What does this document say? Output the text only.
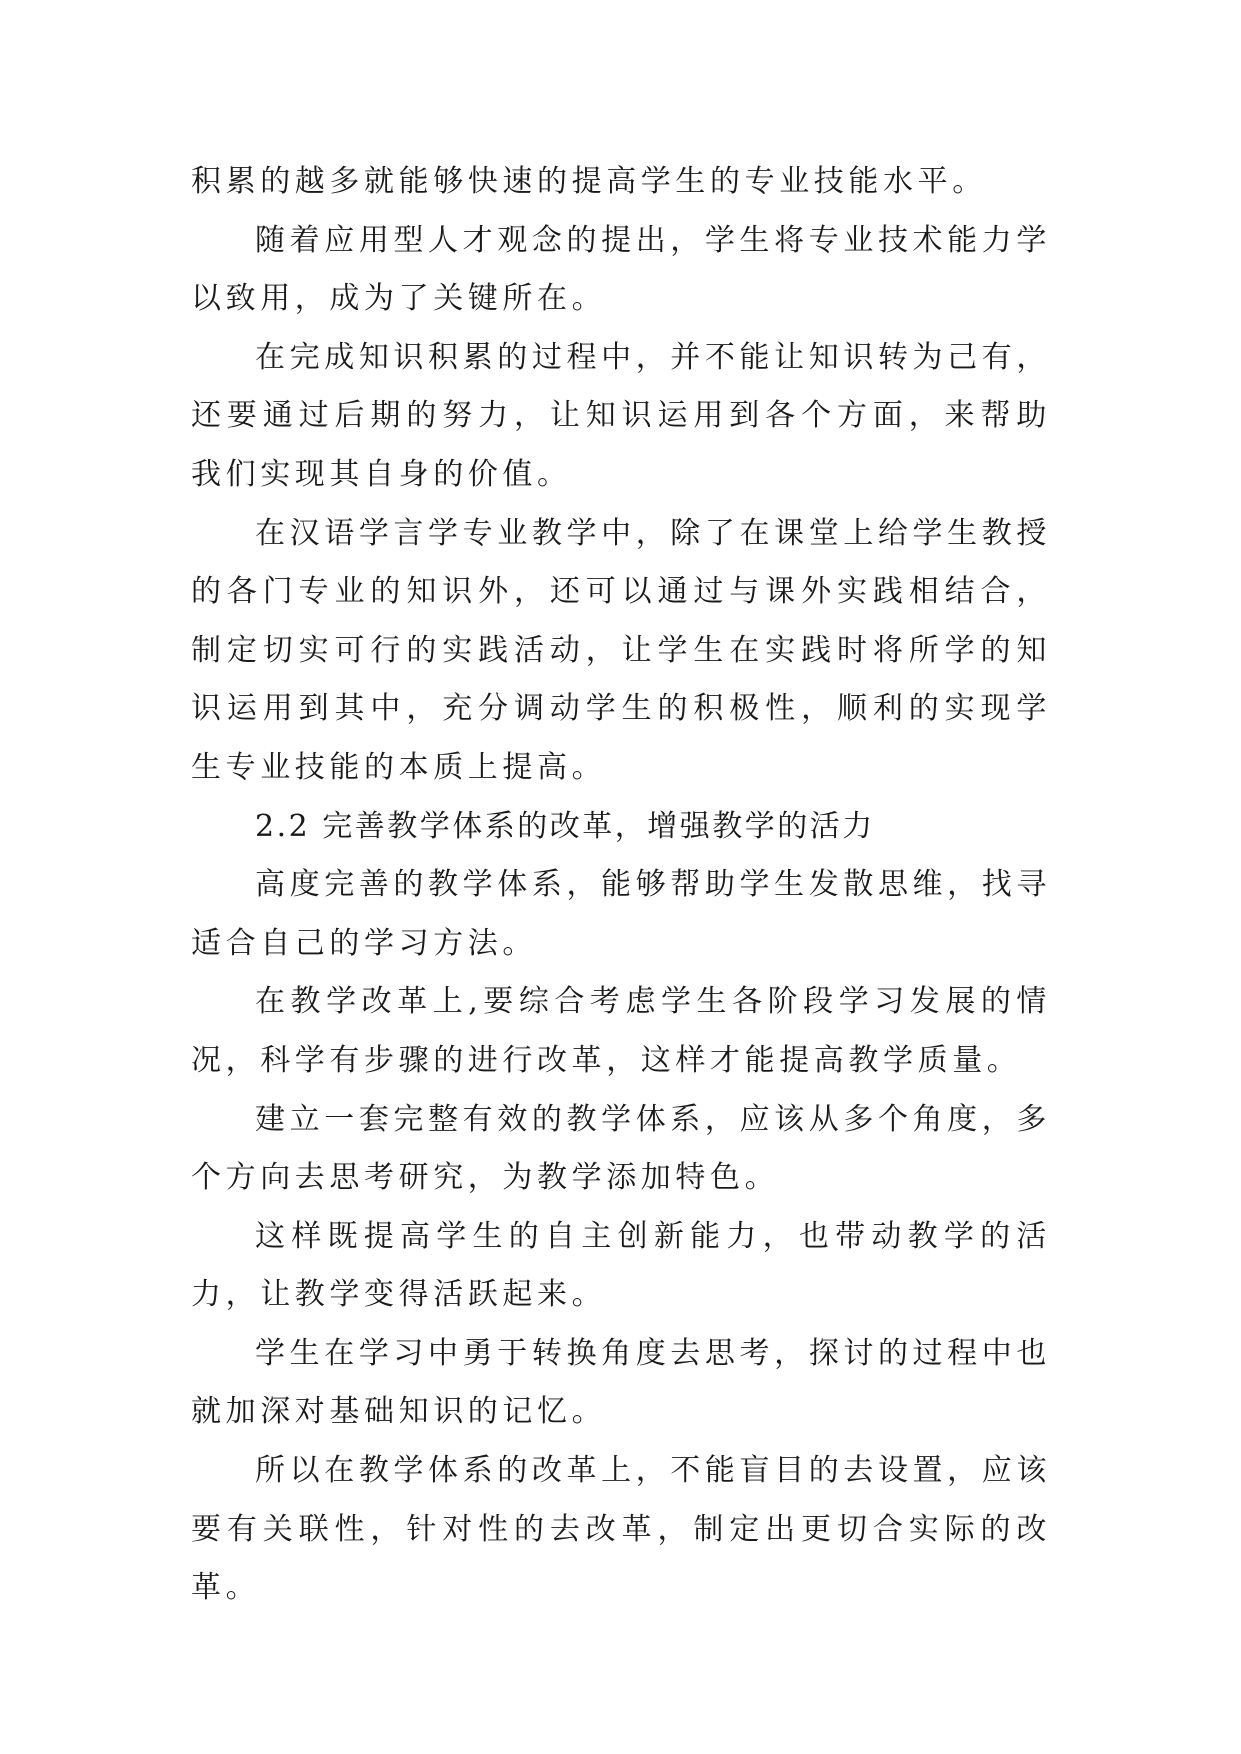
积累的越多就能够快速的提高学生的专业技能水平。

随着应用型人才观念的提出，学生将专业技术能力学以致用，成为了关键所在。

在完成知识积累的过程中，并不能让知识转为己有，还要通过后期的努力，让知识运用到各个方面，来帮助我们实现其自身的价值。

在汉语学言学专业教学中，除了在课堂上给学生教授的各门专业的知识外，还可以通过与课外实践相结合，制定切实可行的实践活动，让学生在实践时将所学的知识运用到其中，充分调动学生的积极性，顺利的实现学生专业技能的本质上提高。

2.2 完善教学体系的改革，增强教学的活力

高度完善的教学体系，能够帮助学生发散思维，找寻适合自己的学习方法。

在教学改革上,要综合考虑学生各阶段学习发展的情况，科学有步骤的进行改革，这样才能提高教学质量。

建立一套完整有效的教学体系，应该从多个角度，多个方向去思考研究，为教学添加特色。

这样既提高学生的自主创新能力，也带动教学的活力，让教学变得活跃起来。

学生在学习中勇于转换角度去思考，探讨的过程中也就加深对基础知识的记忆。

所以在教学体系的改革上，不能盲目的去设置，应该要有关联性，针对性的去改革，制定出更切合实际的改革。
